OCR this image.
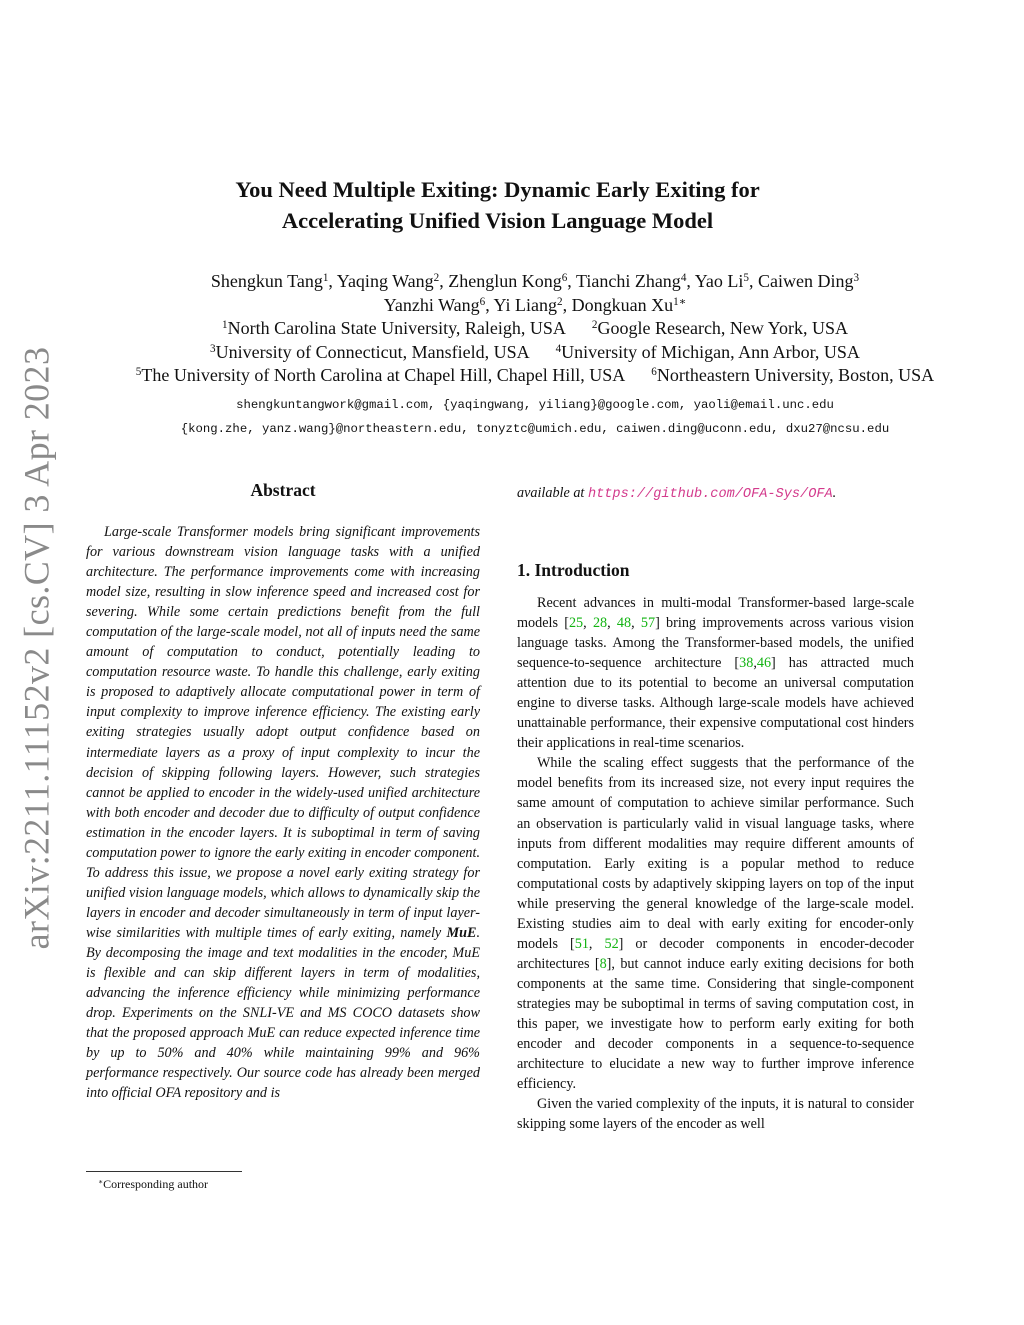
arXiv:2211.11152v2 [cs.CV] 3 Apr 2023
You Need Multiple Exiting: Dynamic Early Exiting for
Accelerating Unified Vision Language Model
Shengkun Tang$^1$, Yaqing Wang$^2$, Zhenglun Kong$^6$, Tianchi Zhang$^4$, Yao Li$^5$, Caiwen Ding$^3$
Yanzhi Wang$^6$, Yi Liang$^2$, Dongkuan $Xu^{1∗}$
$^1$North Carolina State University, Raleigh, USA $^2$Google Research, New York, USA
$^3$University of Connecticut, Mansfield, USA $^4$University of Michigan, Ann Arbor, USA
$^5$The University of North Carolina at Chapel Hill, Chapel Hill, USA $^6$Northeastern University, Boston, USA
shengkuntangwork@gmail.com, {yaqingwang, yiliang}@google.com, yaoli@email.unc.edu
{kong.zhe, yanz.wang}@northeastern.edu, tonyztc@umich.edu, caiwen.ding@uconn.edu, dxu27@ncsu.edu
Abstract

Large-scale Transformer models bring significant improvements for various downstream vision language tasks with a unified architecture. The performance improvements come with increasing model size, resulting in slow inference speed and increased cost for severing. While some certain predictions benefit from the full computation of the large-scale model, not all of inputs need the same amount of computation to conduct, potentially leading to computation resource waste. To handle this challenge, early exiting is proposed to adaptively allocate computational power in term of input complexity to improve inference efficiency. The existing early exiting strategies usually adopt output confidence based on intermediate layers as a proxy of input complexity to incur the decision of skipping following layers. However, such strategies cannot be applied to encoder in the widely-used unified architecture with both encoder and decoder due to difficulty of output confidence estimation in the encoder layers. It is suboptimal in term of saving computation power to ignore the early exiting in encoder component. To address this issue, we propose a novel early exiting strategy for unified vision language models, which allows to dynamically skip the layers in encoder and decoder simultaneously in term of input layer-wise similarities with multiple times of early exiting, namely MuE. By decomposing the image and text modalities in the encoder, MuE is flexible and can skip different layers in term of modalities, advancing the inference efficiency while minimizing performance drop. Experiments on the SNLI-VE and MS COCO datasets show that the proposed approach MuE can reduce expected inference time by up to 50% and 40% while maintaining 99% and 96% performance respectively. Our source code has already been merged into official OFA repository and is

∗Corresponding author
available at https://github.com/OFA-Sys/OFA.
1. Introduction

Recent advances in multi-modal Transformer-based large-scale models [25, 28, 48, 57] bring improvements across various vision language tasks. Among the Transformer-based models, the unified sequence-to-sequence architecture [38,46] has attracted much attention due to its potential to become an universal computation engine to diverse tasks. Although large-scale models have achieved unattainable performance, their expensive computational cost hinders their applications in real-time scenarios.

While the scaling effect suggests that the performance of the model benefits from its increased size, not every input requires the same amount of computation to achieve similar performance. Such an observation is particularly valid in visual language tasks, where inputs from different modalities may require different amounts of computation. Early exiting is a popular method to reduce computational costs by adaptively skipping layers on top of the input while preserving the general knowledge of the large-scale model. Existing studies aim to deal with early exiting for encoder-only models [51, 52] or decoder components in encoder-decoder architectures [8], but cannot induce early exiting decisions for both components at the same time. Considering that single-component strategies may be suboptimal in terms of saving computation cost, in this paper, we investigate how to perform early exiting for both encoder and decoder components in a sequence-to-sequence architecture to elucidate a new way to further improve inference efficiency.

Given the varied complexity of the inputs, it is natural to consider skipping some layers of the encoder as well
